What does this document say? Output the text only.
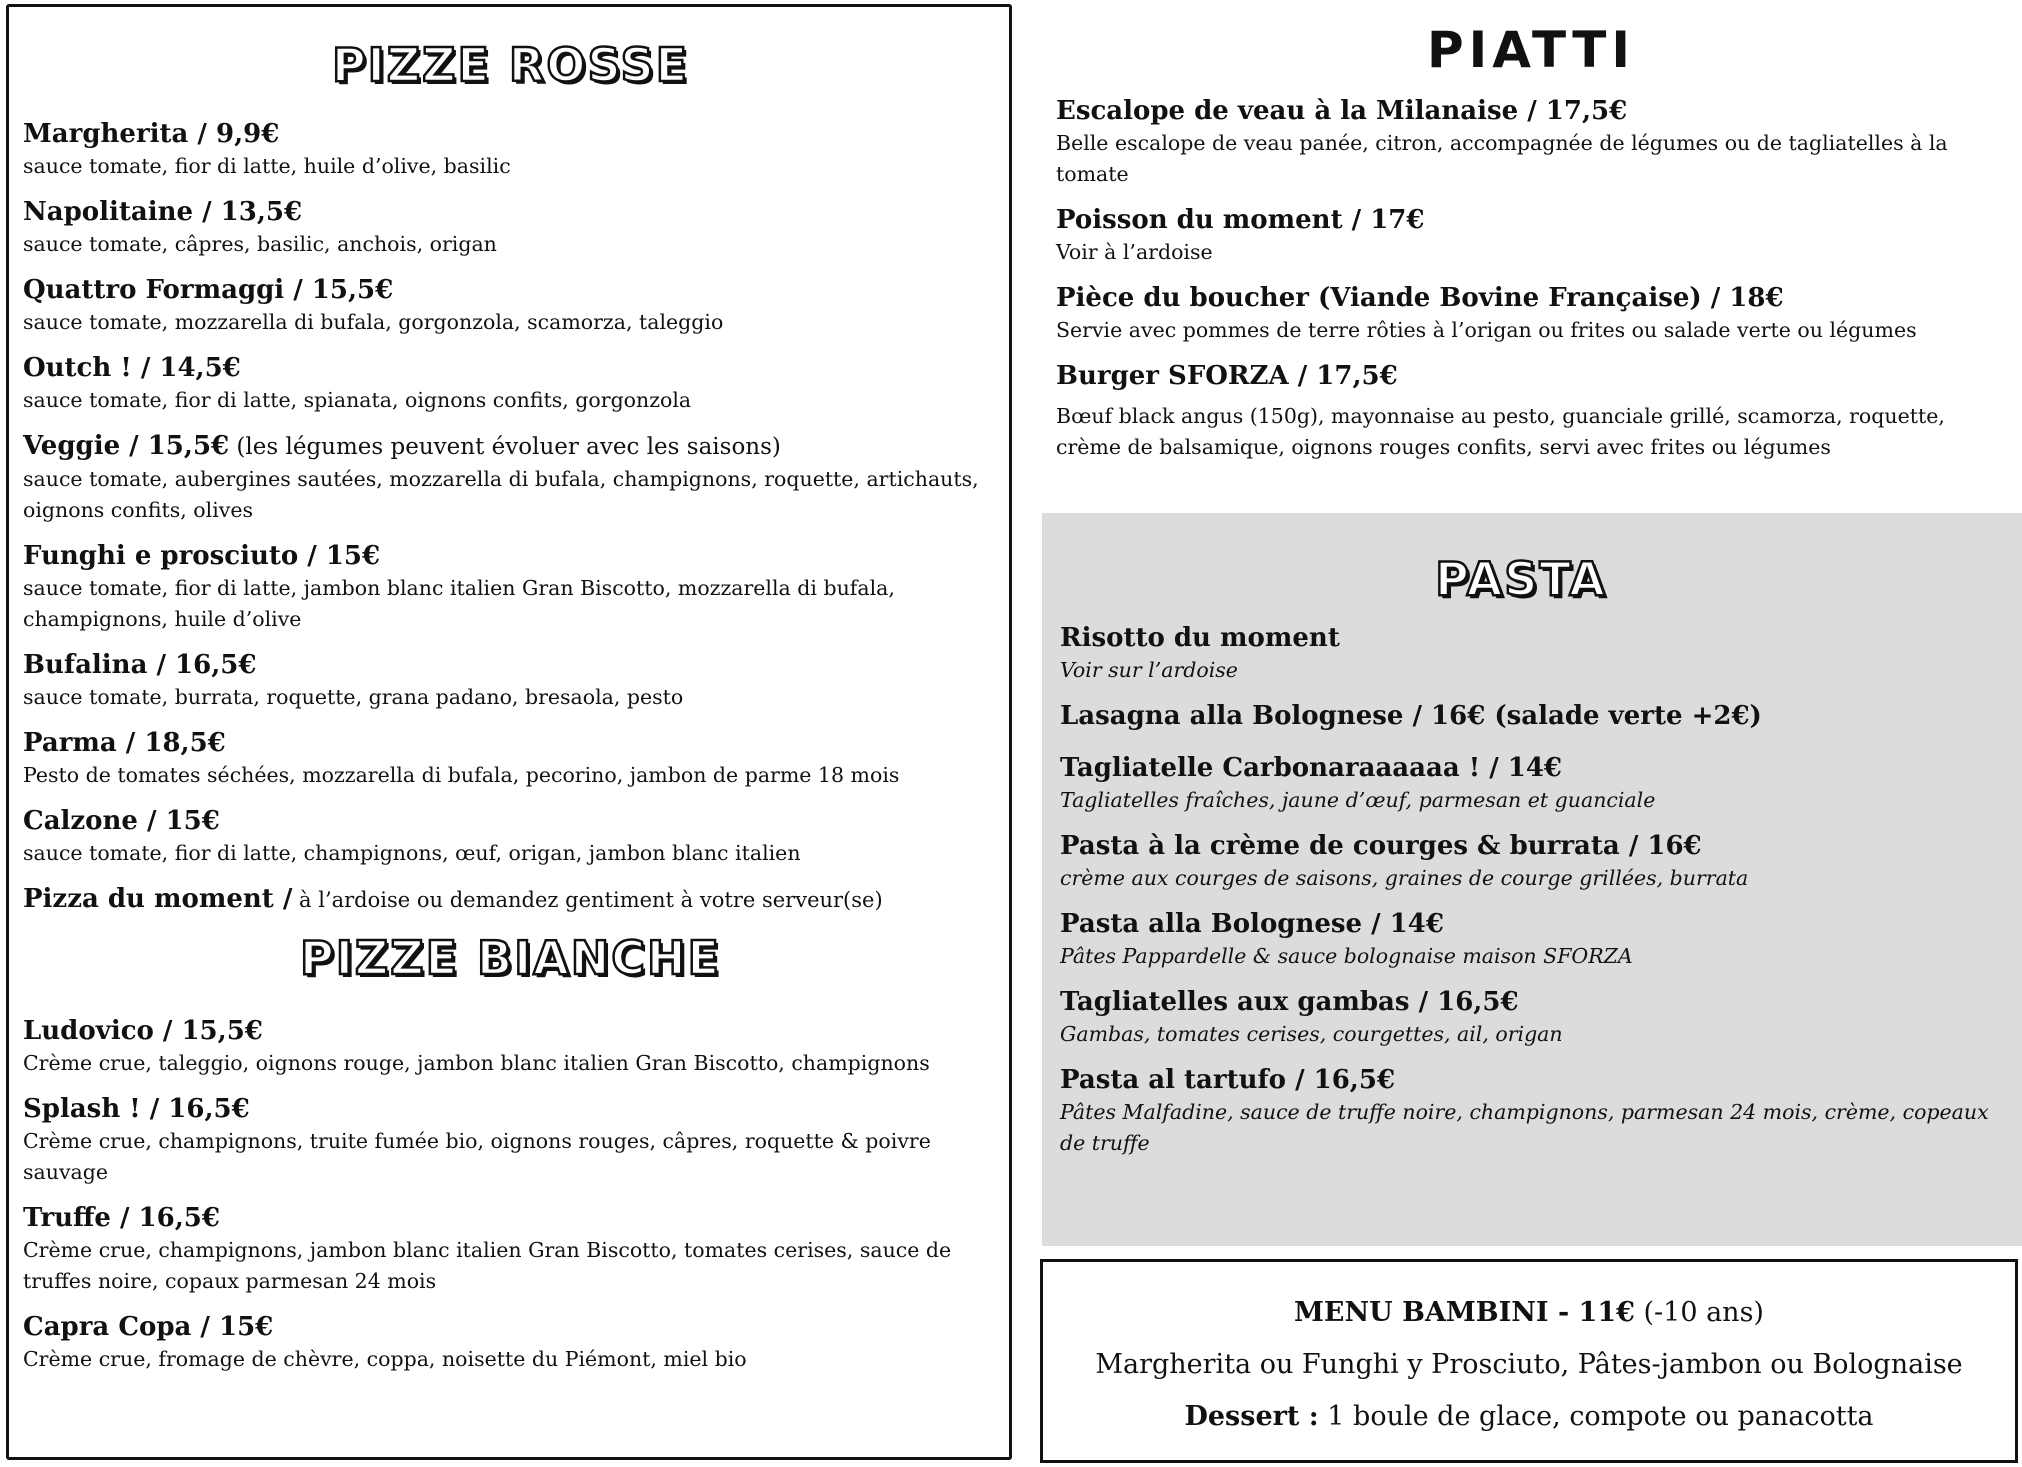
PIZZE ROSSE
Margherita / 9,9€
sauce tomate, fior di latte, huile d’olive, basilic
Napolitaine / 13,5€
sauce tomate, câpres, basilic, anchois, origan
Quattro Formaggi / 15,5€
sauce tomate, mozzarella di bufala, gorgonzola, scamorza, taleggio
Outch ! / 14,5€
sauce tomate, fior di latte, spianata, oignons confits, gorgonzola
Veggie / 15,5€ (les légumes peuvent évoluer avec les saisons)
sauce tomate, aubergines sautées, mozzarella di bufala, champignons, roquette, artichauts, oignons confits, olives
Funghi e prosciuto / 15€
sauce tomate, fior di latte, jambon blanc italien Gran Biscotto, mozzarella di bufala, champignons, huile d’olive
Bufalina / 16,5€
sauce tomate, burrata, roquette, grana padano, bresaola, pesto
Parma / 18,5€
Pesto de tomates séchées, mozzarella di bufala, pecorino, jambon de parme 18 mois
Calzone / 15€
sauce tomate, fior di latte, champignons, œuf, origan, jambon blanc italien
Pizza du moment / à l’ardoise ou demandez gentiment à votre serveur(se)
PIZZE BIANCHE
Ludovico / 15,5€
Crème crue, taleggio, oignons rouge, jambon blanc italien Gran Biscotto, champignons
Splash ! / 16,5€
Crème crue, champignons, truite fumée bio, oignons rouges, câpres, roquette & poivre sauvage
Truffe / 16,5€
Crème crue, champignons, jambon blanc italien Gran Biscotto, tomates cerises, sauce de truffes noire, copaux parmesan 24 mois
Capra Copa / 15€
Crème crue, fromage de chèvre, coppa, noisette du Piémont, miel bio
PIATTI
Escalope de veau à la Milanaise / 17,5€
Belle escalope de veau panée, citron, accompagnée de légumes ou de tagliatelles à la tomate
Poisson du moment / 17€
Voir à l’ardoise
Pièce du boucher (Viande Bovine Française) / 18€
Servie avec pommes de terre rôties à l’origan ou frites ou salade verte ou légumes
Burger SFORZA / 17,5€
Bœuf black angus (150g), mayonnaise au pesto, guanciale grillé, scamorza, roquette, crème de balsamique, oignons rouges confits, servi avec frites ou légumes
PASTA
Risotto du moment
Voir sur l’ardoise
Lasagna alla Bolognese / 16€ (salade verte +2€)
Tagliatelle Carbonaraaaaaa ! / 14€
Tagliatelles fraîches, jaune d’œuf, parmesan et guanciale
Pasta à la crème de courges & burrata / 16€
crème aux courges de saisons, graines de courge grillées, burrata
Pasta alla Bolognese / 14€
Pâtes Pappardelle & sauce bolognaise maison SFORZA
Tagliatelles aux gambas / 16,5€
Gambas, tomates cerises, courgettes, ail, origan
Pasta al tartufo / 16,5€
Pâtes Malfadine, sauce de truffe noire, champignons, parmesan 24 mois, crème, copeaux de truffe
MENU BAMBINI - 11€ (-10 ans)
Margherita ou Funghi y Prosciuto, Pâtes-jambon ou Bolognaise
Dessert : 1 boule de glace, compote ou panacotta
